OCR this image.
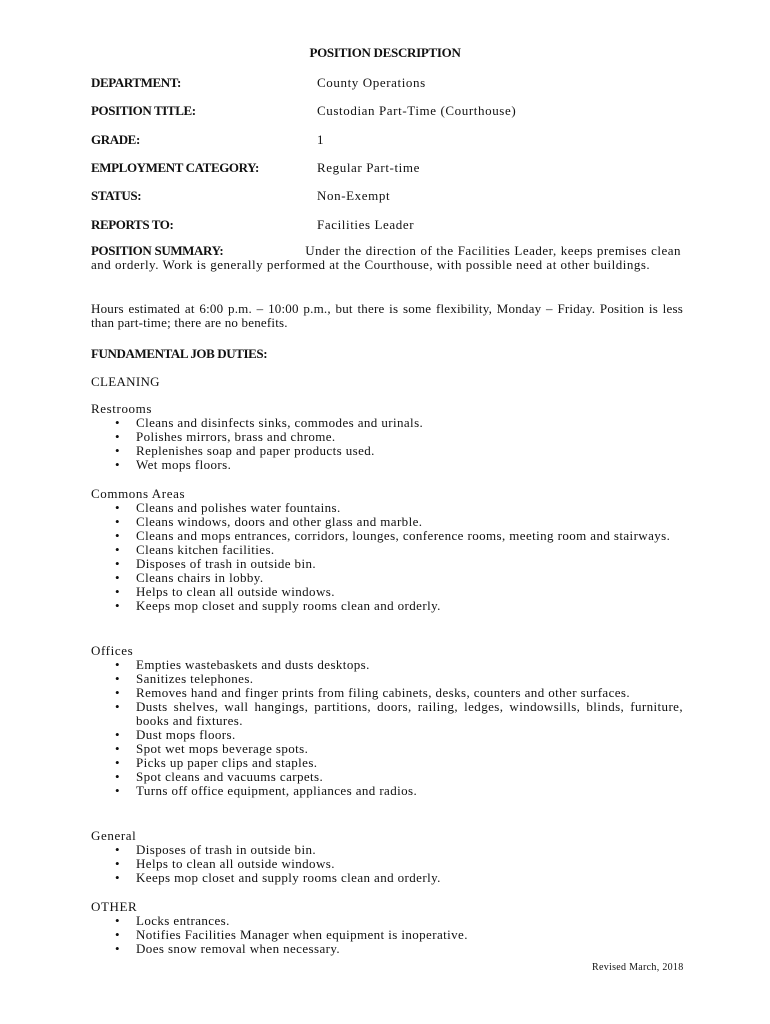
POSITION DESCRIPTION
DEPARTMENT:	County Operations
POSITION TITLE:	Custodian Part-Time (Courthouse)
GRADE:	1
EMPLOYMENT CATEGORY:	Regular Part-time
STATUS:	Non-Exempt
REPORTS TO:	Facilities Leader
POSITION SUMMARY:	Under the direction of the Facilities Leader, keeps premises clean and orderly. Work is generally performed at the Courthouse, with possible need at other buildings.
Hours estimated at 6:00 p.m. – 10:00 p.m., but there is some flexibility, Monday – Friday. Position is less than part-time; there are no benefits.
FUNDAMENTAL JOB DUTIES:
CLEANING
Restrooms
• Cleans and disinfects sinks, commodes and urinals.
• Polishes mirrors, brass and chrome.
• Replenishes soap and paper products used.
• Wet mops floors.
Commons Areas
• Cleans and polishes water fountains.
• Cleans windows, doors and other glass and marble.
• Cleans and mops entrances, corridors, lounges, conference rooms, meeting room and stairways.
• Cleans kitchen facilities.
• Disposes of trash in outside bin.
• Cleans chairs in lobby.
• Helps to clean all outside windows.
• Keeps mop closet and supply rooms clean and orderly.
Offices
• Empties wastebaskets and dusts desktops.
• Sanitizes telephones.
• Removes hand and finger prints from filing cabinets, desks, counters and other surfaces.
• Dusts shelves, wall hangings, partitions, doors, railing, ledges, windowsills, blinds, furniture, books and fixtures.
• Dust mops floors.
• Spot wet mops beverage spots.
• Picks up paper clips and staples.
• Spot cleans and vacuums carpets.
• Turns off office equipment, appliances and radios.
General
• Disposes of trash in outside bin.
• Helps to clean all outside windows.
• Keeps mop closet and supply rooms clean and orderly.
OTHER
• Locks entrances.
• Notifies Facilities Manager when equipment is inoperative.
• Does snow removal when necessary.
Revised March, 2018
